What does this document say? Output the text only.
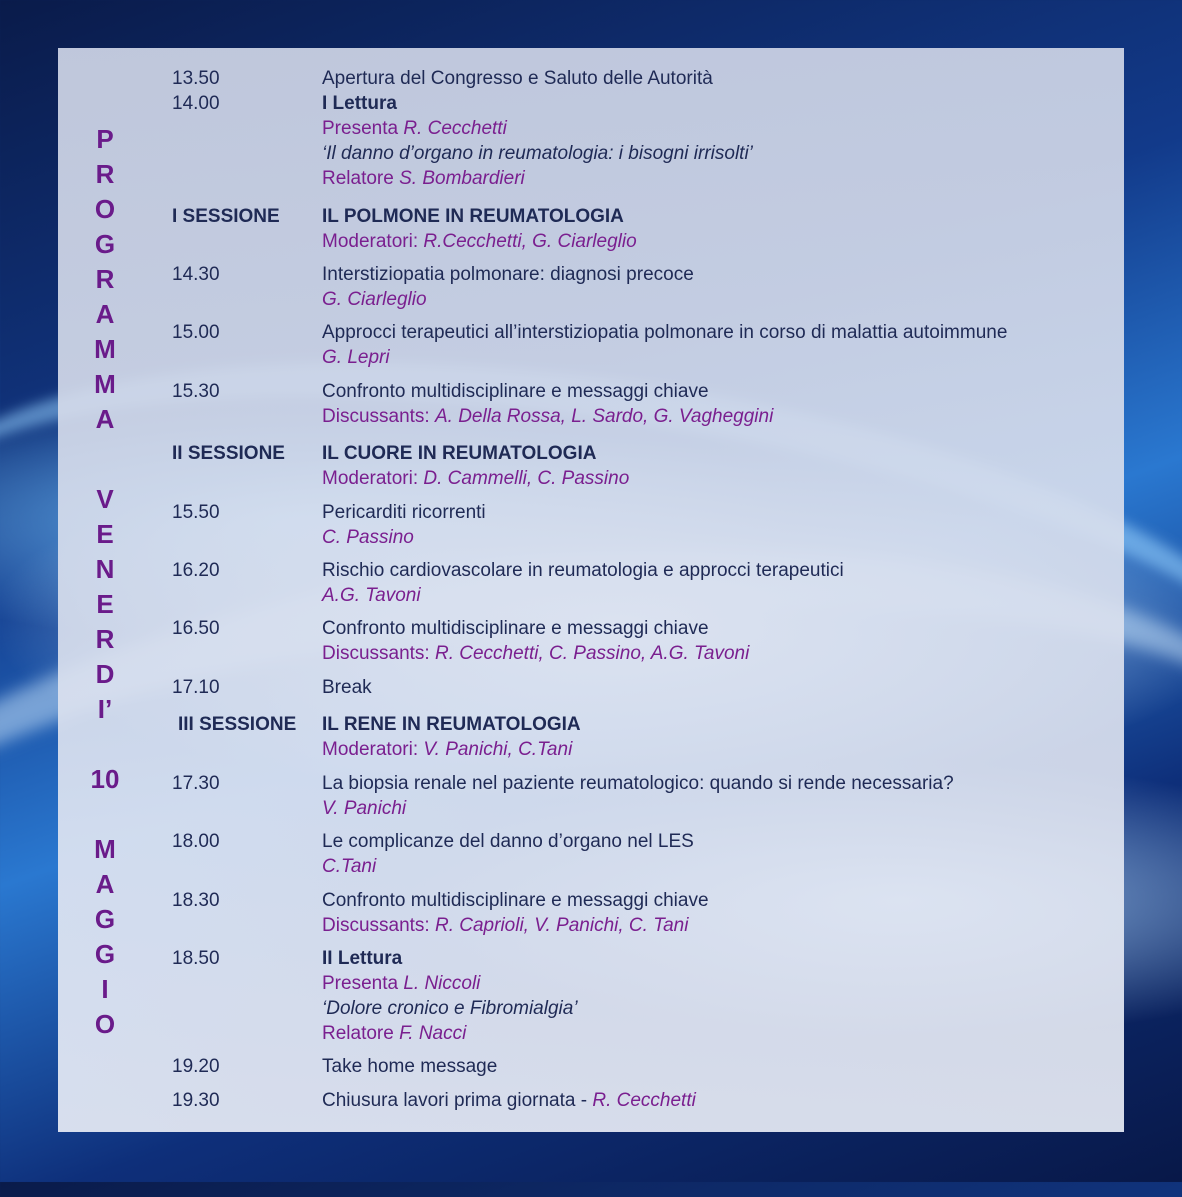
P
R
O
G
R
A
M
M
A
V
E
N
E
R
D
I’
10
M
A
G
G
I
O
13.50	Apertura del Congresso e Saluto delle Autorità
14.00	I Lettura
Presenta R. Cecchetti
‘Il danno d’organo in reumatologia: i bisogni irrisolti’
Relatore S. Bombardieri
I SESSIONE	IL POLMONE IN REUMATOLOGIA
Moderatori: R.Cecchetti, G. Ciarleglio
14.30	Interstiziopatia polmonare: diagnosi precoce
G. Ciarleglio
15.00	Approcci terapeutici all’interstiziopatia polmonare in corso di malattia autoimmune
G. Lepri
15.30	Confronto multidisciplinare e messaggi chiave
Discussants: A. Della Rossa, L. Sardo, G. Vagheggini
II SESSIONE	IL CUORE IN REUMATOLOGIA
Moderatori: D. Cammelli, C. Passino
15.50	Pericarditi ricorrenti
C. Passino
16.20	Rischio cardiovascolare in reumatologia e approcci terapeutici
A.G. Tavoni
16.50	Confronto multidisciplinare e messaggi chiave
Discussants: R. Cecchetti, C. Passino, A.G. Tavoni
17.10	Break
III SESSIONE	IL RENE IN REUMATOLOGIA
Moderatori: V. Panichi, C.Tani
17.30	La biopsia renale nel paziente reumatologico: quando si rende necessaria?
V. Panichi
18.00	Le complicanze del danno d’organo nel LES
C.Tani
18.30	Confronto multidisciplinare e messaggi chiave
Discussants: R. Caprioli, V. Panichi, C. Tani
18.50	II Lettura
Presenta L. Niccoli
‘Dolore cronico e Fibromialgia’
Relatore F. Nacci
19.20	Take home message
19.30	Chiusura lavori prima giornata - R. Cecchetti
